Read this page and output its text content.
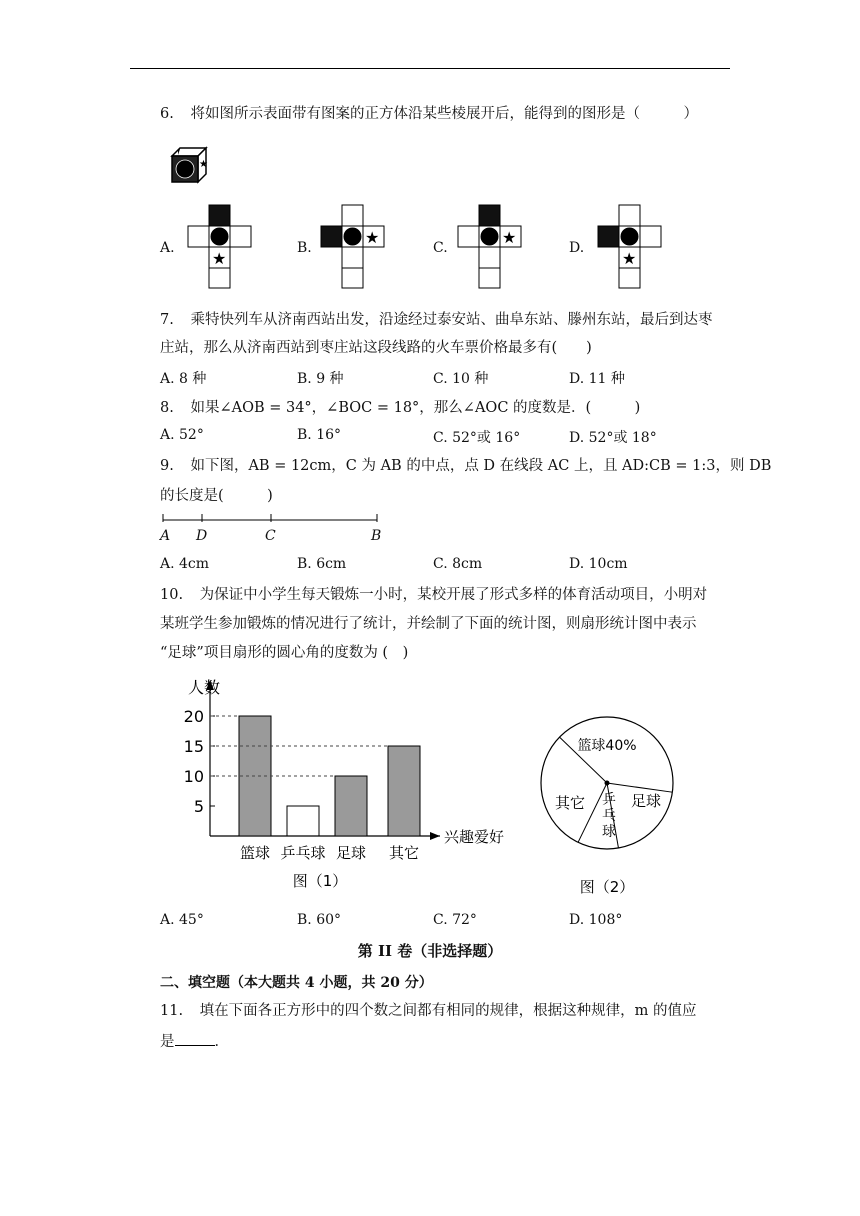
6. 将如图所示表面带有图案的正方体沿某些棱展开后，能得到的图形是（　　　）
★
A.
★
B.
★
C.
★
D.
★
7. 乘特快列车从济南西站出发，沿途经过泰安站、曲阜东站、滕州东站，最后到达枣
庄站，那么从济南西站到枣庄站这段线路的火车票价格最多有(　　)
A. 8 种	B. 9 种	C. 10 种	D. 11 种
8. 如果∠AOB = 34°，∠BOC = 18°，那么∠AOC 的度数是．(　　　)
A. 52°	B. 16°	C. 52°或 16°	D. 52°或 18°
9. 如下图，AB = 12cm，C 为 AB 的中点，点 D 在线段 AC 上，且 AD:CB = 1:3，则 DB
的长度是(　　　)
A D	C	B
A. 4cm	B. 6cm	C. 8cm	D. 10cm
10. 为保证中小学生每天锻炼一小时，某校开展了形式多样的体育活动项目，小明对
某班学生参加锻炼的情况进行了统计，并绘制了下面的统计图，则扇形统计图中表示
“足球”项目扇形的圆心角的度数为 (　)
人数
兴趣爱好
5
10
15
20
篮球 乒乓球 足球 其它
图（1）
篮球40%
其它 乒乓球
足球
图（2）
A. 45°	B. 60°	C. 72°	D. 108°
第 II 卷（非选择题）
二、填空题（本大题共 4 小题，共 20 分）
11. 填在下面各正方形中的四个数之间都有相同的规律，根据这种规律，m 的值应
是	．
